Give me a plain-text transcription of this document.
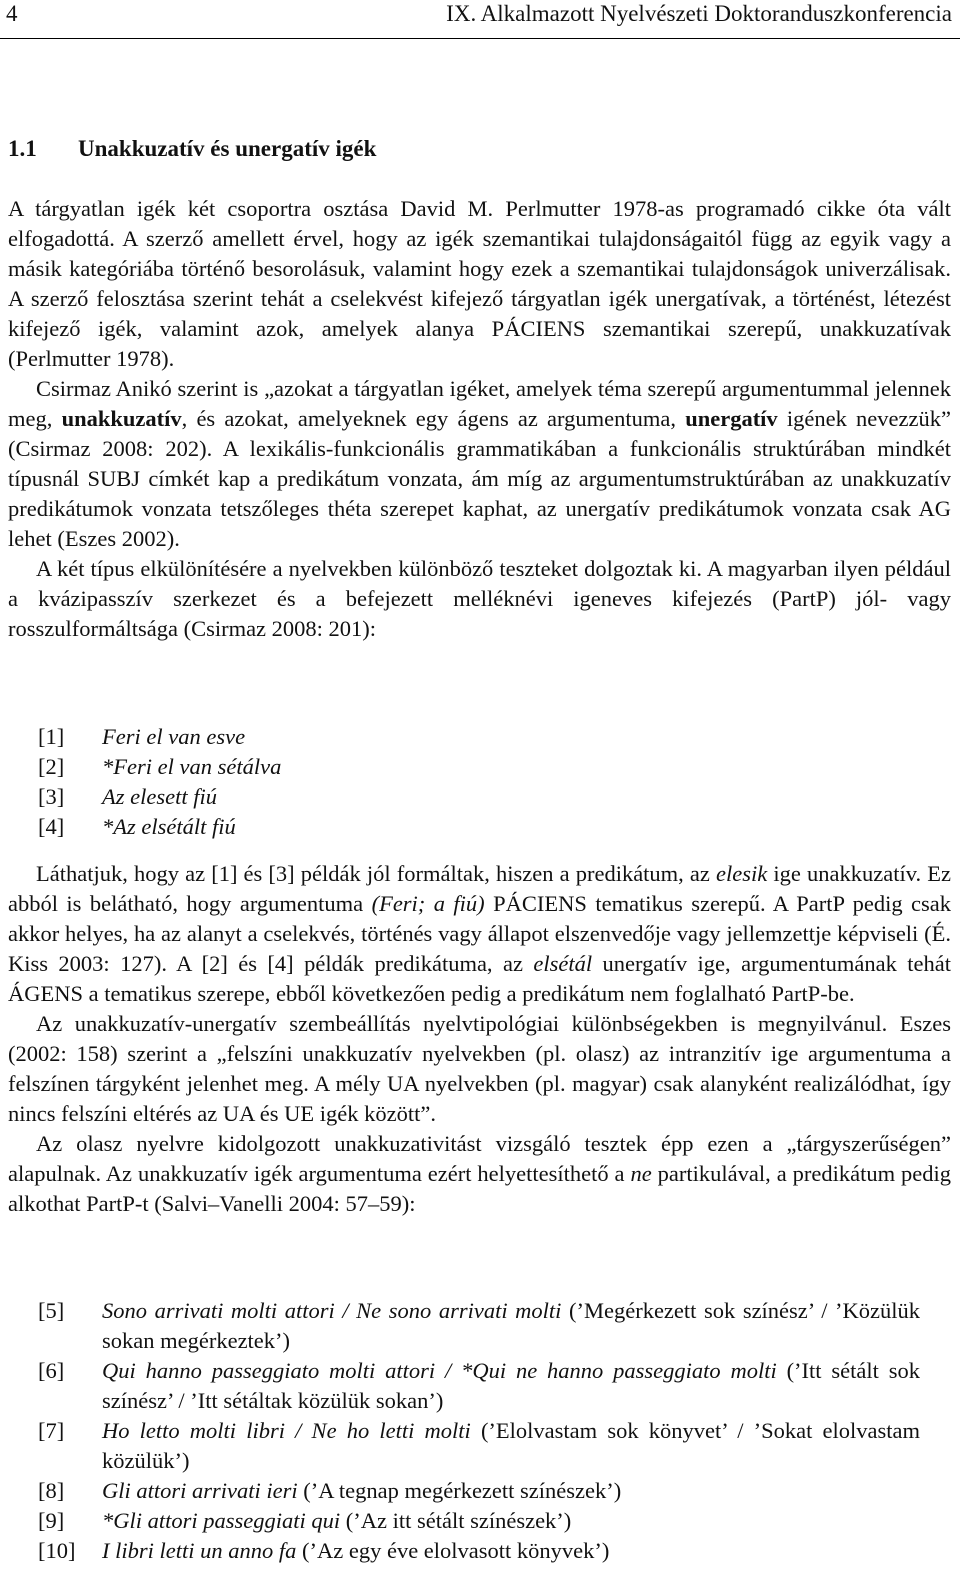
4	IX. Alkalmazott Nyelvészeti Doktoranduszkonferencia
1.1 Unakkuzatív és unergatív igék

A tárgyatlan igék két csoportra osztása David M. Perlmutter 1978-as programadó cikke óta vált elfogadottá. A szerző amellett érvel, hogy az igék szemantikai tulajdonságaitól függ az egyik vagy a másik kategóriába történő besorolásuk, valamint hogy ezek a szemantikai tulajdonságok univerzálisak. A szerző felosztása szerint tehát a cselekvést kifejező tárgyatlan igék unergatívak, a történést, létezést kifejező igék, valamint azok, amelyek alanya PÁCIENS szemantikai szerepű, unakkuzatívak (Perlmutter 1978).

Csirmaz Anikó szerint is „azokat a tárgyatlan igéket, amelyek téma szerepű argumentummal jelennek meg, unakkuzatív, és azokat, amelyeknek egy ágens az argumentuma, unergatív igének nevezzük” (Csirmaz 2008: 202). A lexikális-funkcionális grammatikában a funkcionális struktúrában mindkét típusnál SUBJ címkét kap a predikátum vonzata, ám míg az argumentumstruktúrában az unakkuzatív predikátumok vonzata tetszőleges théta szerepet kaphat, az unergatív predikátumok vonzata csak AG lehet (Eszes 2002).

A két típus elkülönítésére a nyelvekben különböző teszteket dolgoztak ki. A magyarban ilyen például a kvázipasszív szerkezet és a befejezett melléknévi igeneves kifejezés (PartP) jól- vagy rosszulformáltsága (Csirmaz 2008: 201):

[1] Feri el van esve
[2] *Feri el van sétálva
[3] Az elesett fiú
[4] *Az elsétált fiú

Láthatjuk, hogy az [1] és [3] példák jól formáltak, hiszen a predikátum, az elesik ige unakkuzatív. Ez abból is belátható, hogy argumentuma (Feri; a fiú) PÁCIENS tematikus szerepű. A PartP pedig csak akkor helyes, ha az alanyt a cselekvés, történés vagy állapot elszenvedője vagy jellemzettje képviseli (É. Kiss 2003: 127). A [2] és [4] példák predikátuma, az elsétál unergatív ige, argumentumának tehát ÁGENS a tematikus szerepe, ebből következően pedig a predikátum nem foglalható PartP-be.

Az unakkuzatív-unergatív szembeállítás nyelvtipológiai különbségekben is megnyilvánul. Eszes (2002: 158) szerint a „felszíni unakkuzatív nyelvekben (pl. olasz) az intranzitív ige argumentuma a felszínen tárgyként jelenhet meg. A mély UA nyelvekben (pl. magyar) csak alanyként realizálódhat, így nincs felszíni eltérés az UA és UE igék között”.

Az olasz nyelvre kidolgozott unakkuzativitást vizsgáló tesztek épp ezen a „tárgyszerűségen” alapulnak. Az unakkuzatív igék argumentuma ezért helyettesíthető a ne partikulával, a predikátum pedig alkothat PartP-t (Salvi–Vanelli 2004: 57–59):

[5] Sono arrivati molti attori / Ne sono arrivati molti (’Megérkezett sok színész’ / ’Közülük sokan megérkeztek’)
[6] Qui hanno passeggiato molti attori / *Qui ne hanno passeggiato molti (’Itt sétált sok színész’ / ’Itt sétáltak közülük sokan’)
[7] Ho letto molti libri / Ne ho letti molti (’Elolvastam sok könyvet’ / ’Sokat elolvastam közülük’)
[8] Gli attori arrivati ieri (’A tegnap megérkezett színészek’)
[9] *Gli attori passeggiati qui (’Az itt sétált színészek’)
[10] I libri letti un anno fa (’Az egy éve elolvasott könyvek’)
